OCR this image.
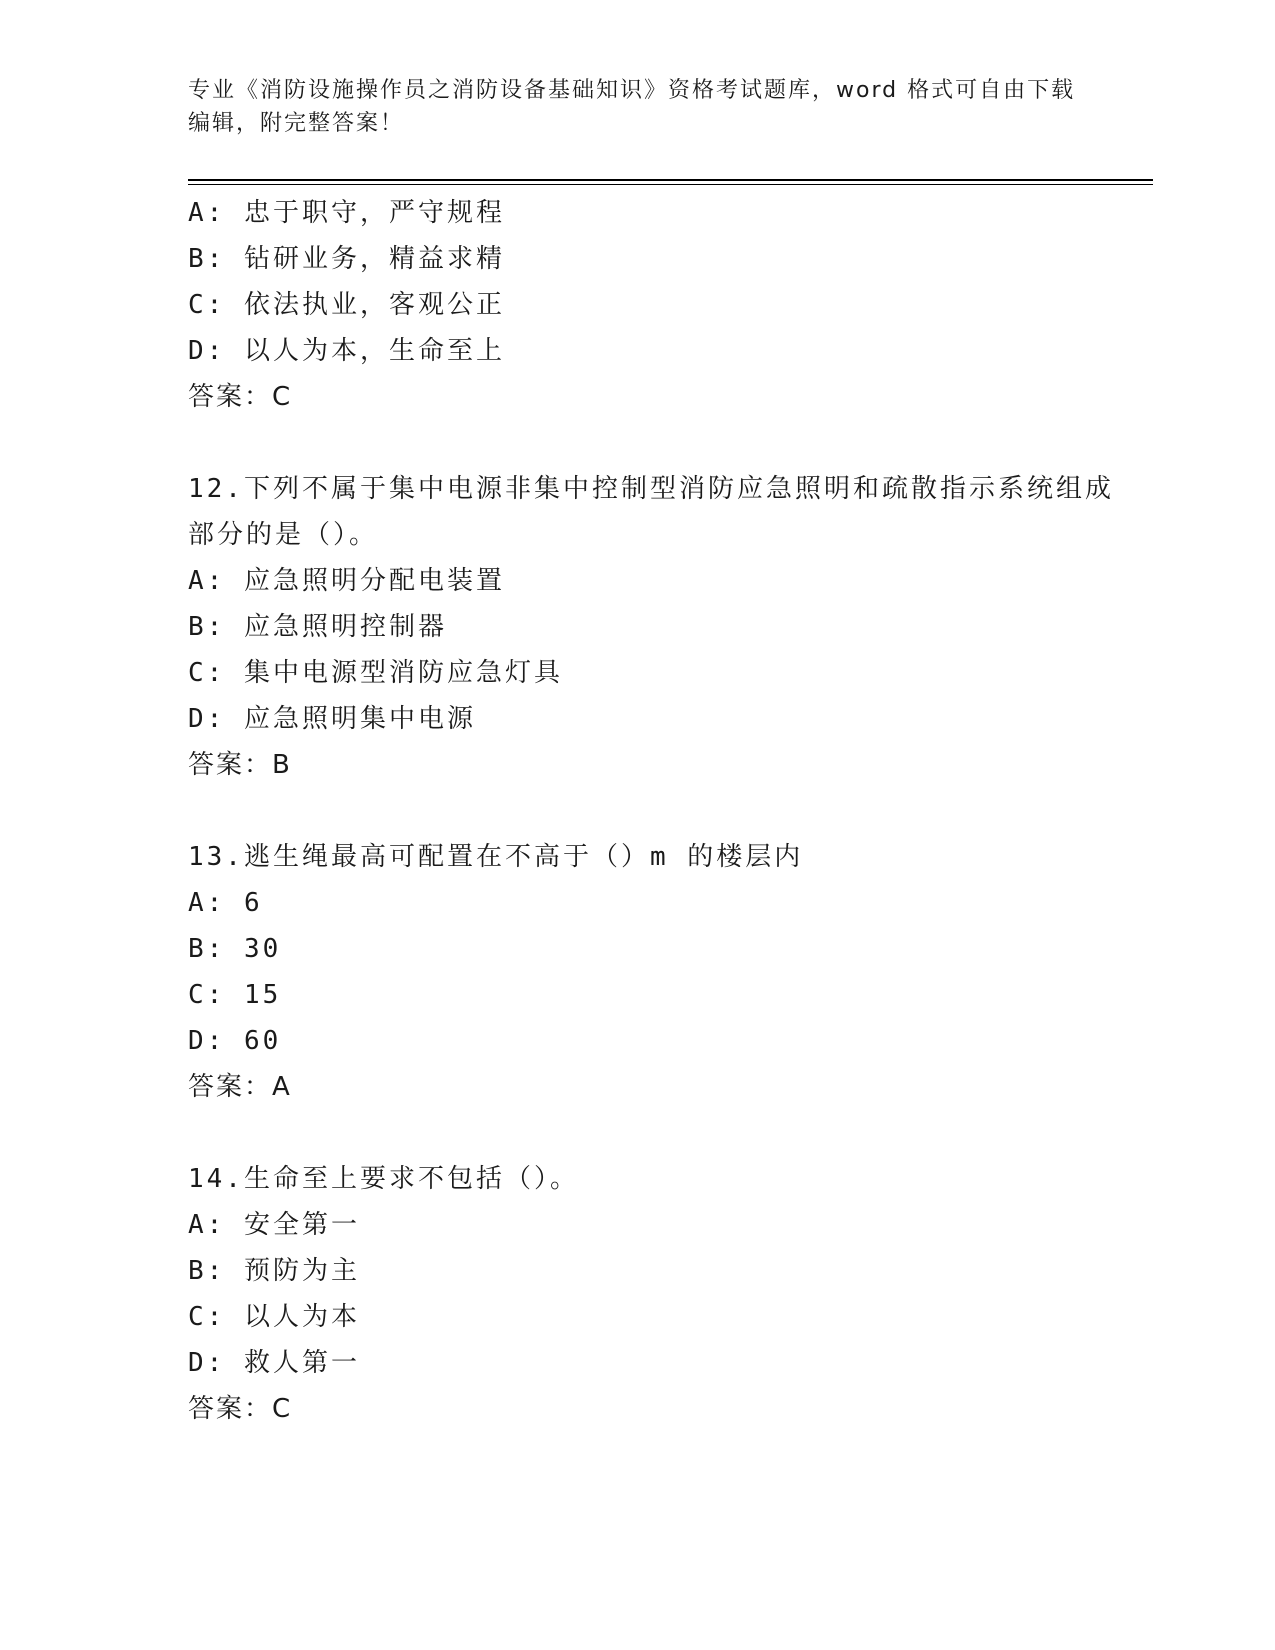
专业《消防设施操作员之消防设备基础知识》资格考试题库，word 格式可自由下载编辑，附完整答案！
A: 忠于职守，严守规程
B: 钻研业务，精益求精
C: 依法执业，客观公正
D: 以人为本，生命至上
答案：C
12.下列不属于集中电源非集中控制型消防应急照明和疏散指示系统组成部分的是（）。
A: 应急照明分配电装置
B: 应急照明控制器
C: 集中电源型消防应急灯具
D: 应急照明集中电源
答案：B
13.逃生绳最高可配置在不高于（）m 的楼层内
A: 6
B: 30
C: 15
D: 60
答案：A
14.生命至上要求不包括（）。
A: 安全第一
B: 预防为主
C: 以人为本
D: 救人第一
答案：C
